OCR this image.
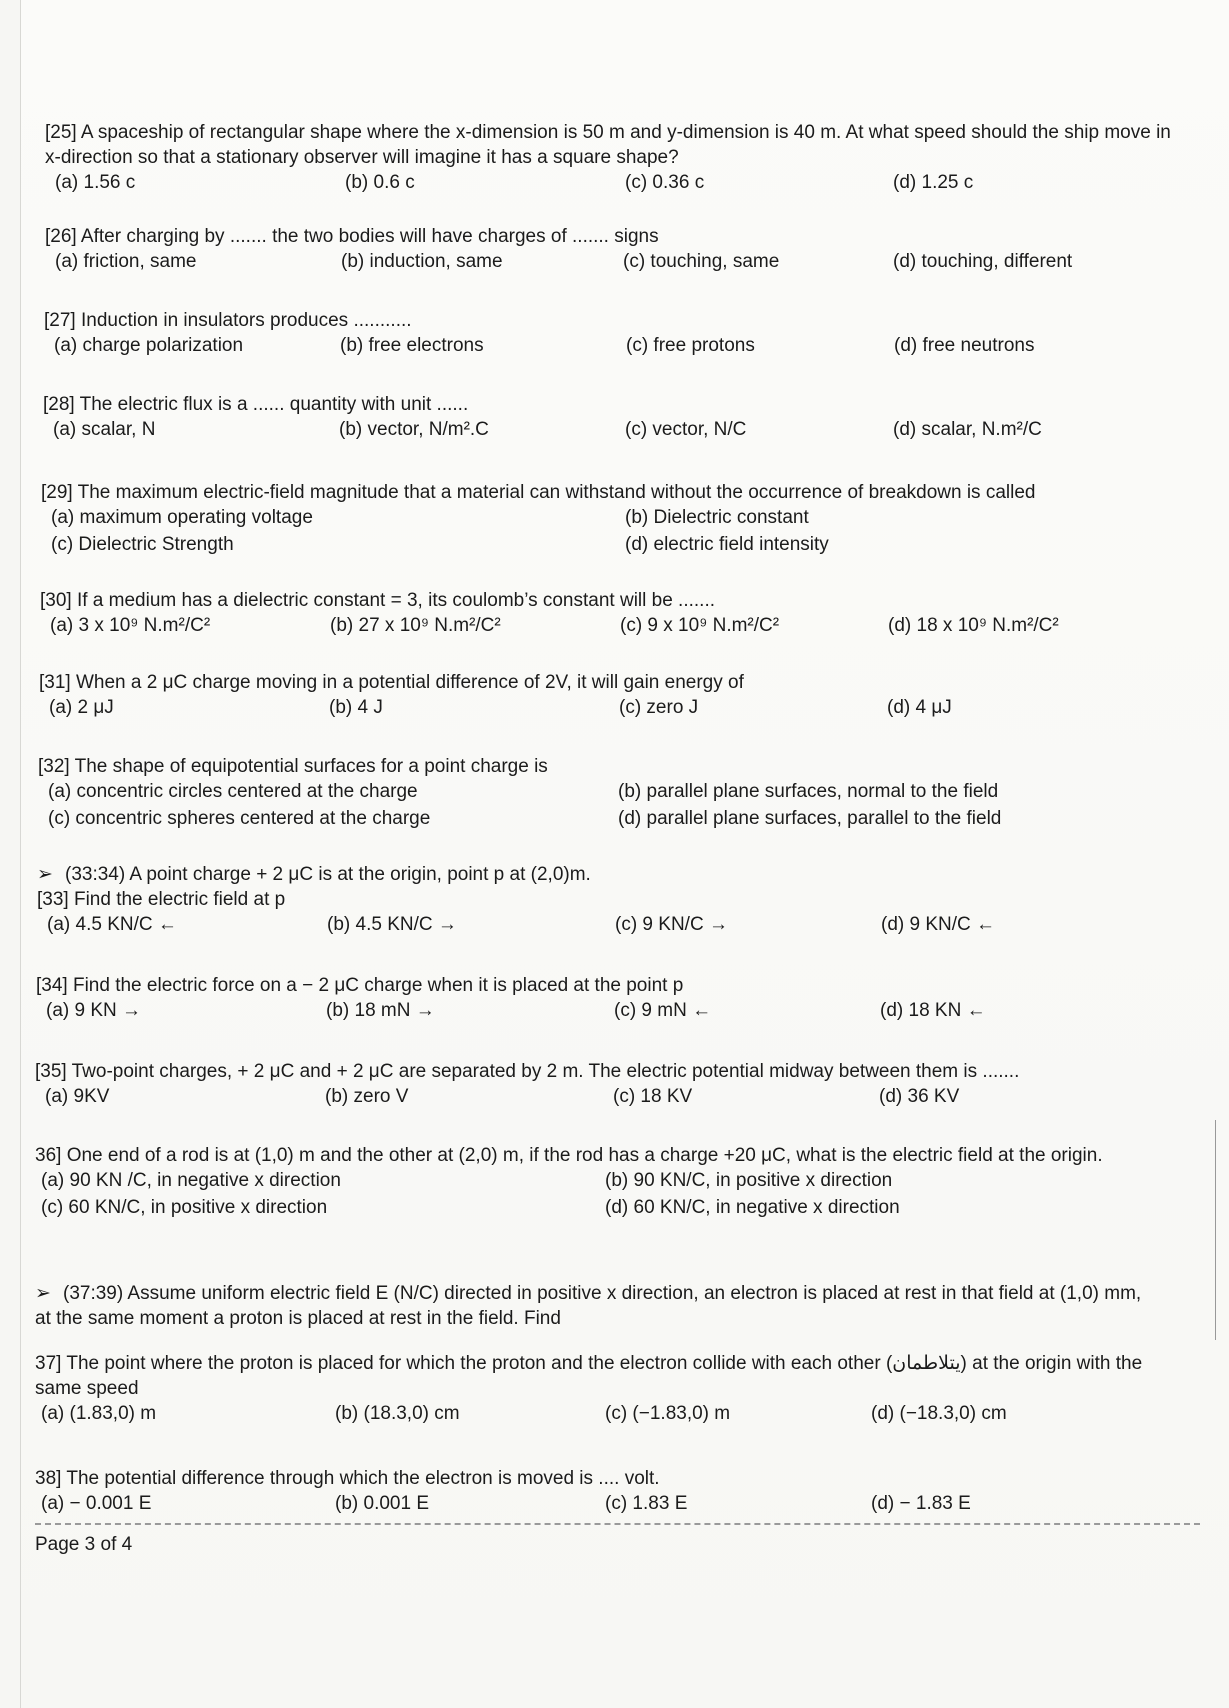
[25] A spaceship of rectangular shape where the x-dimension is 50 m and y-dimension is 40 m. At what speed should the ship move in x-direction so that a stationary observer will imagine it has a square shape?
(a) 1.56 c	(b) 0.6 c	(c) 0.36 c	(d) 1.25 c
[26] After charging by ....... the two bodies will have charges of ....... signs
(a) friction, same	(b) induction, same	(c) touching, same	(d) touching, different
[27] Induction in insulators produces ...........
(a) charge polarization	(b) free electrons	(c) free protons	(d) free neutrons
[28] The electric flux is a ...... quantity with unit ......
(a) scalar, N	(b) vector, N/m².C	(c) vector, N/C	(d) scalar, N.m²/C
[29] The maximum electric-field magnitude that a material can withstand without the occurrence of breakdown is called
(a) maximum operating voltage	(b) Dielectric constant
(c) Dielectric Strength	(d) electric field intensity
[30] If a medium has a dielectric constant = 3, its coulomb’s constant will be .......
(a) 3 x 10⁹ N.m²/C²	(b) 27 x 10⁹ N.m²/C²	(c) 9 x 10⁹ N.m²/C²	(d) 18 x 10⁹ N.m²/C²
[31] When a 2 μC charge moving in a potential difference of 2V, it will gain energy of
(a) 2 μJ	(b) 4 J	(c) zero J	(d) 4 μJ
[32] The shape of equipotential surfaces for a point charge is
(a) concentric circles centered at the charge	(b) parallel plane surfaces, normal to the field
(c) concentric spheres centered at the charge	(d) parallel plane surfaces, parallel to the field
➢ (33:34) A point charge + 2 μC is at the origin, point p at (2,0)m.
[33] Find the electric field at p
(a) 4.5 KN/C ←	(b) 4.5 KN/C →	(c) 9 KN/C →	(d) 9 KN/C ←
[34] Find the electric force on a − 2 μC charge when it is placed at the point p
(a) 9 KN →	(b) 18 mN →	(c) 9 mN ←	(d) 18 KN ←
[35] Two-point charges, + 2 μC and + 2 μC are separated by 2 m. The electric potential midway between them is .......
(a) 9KV	(b) zero V	(c) 18 KV	(d) 36 KV
36] One end of a rod is at (1,0) m and the other at (2,0) m, if the rod has a charge +20 μC, what is the electric field at the origin.
(a) 90 KN /C, in negative x direction	(b) 90 KN/C, in positive x direction
(c) 60 KN/C, in positive x direction	(d) 60 KN/C, in negative x direction
➢ (37:39) Assume uniform electric field E (N/C) directed in positive x direction, an electron is placed at rest in that field at (1,0) mm, at the same moment a proton is placed at rest in the field. Find
37] The point where the proton is placed for which the proton and the electron collide with each other (يتلاطمان) at the origin with the same speed
(a) (1.83,0) m	(b) (18.3,0) cm	(c) (−1.83,0) m	(d) (−18.3,0) cm
38] The potential difference through which the electron is moved is .... volt.
(a) − 0.001 E	(b) 0.001 E	(c) 1.83 E	(d) − 1.83 E
Page 3 of 4
